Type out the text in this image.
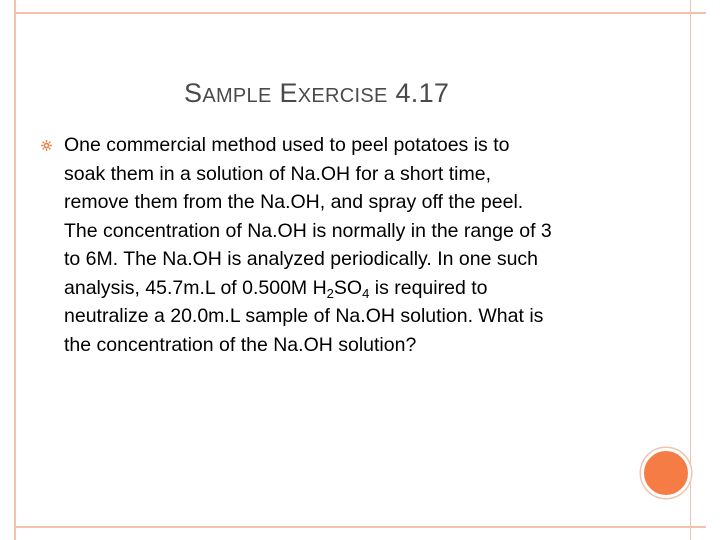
SAMPLE EXERCISE 4.17
One commercial method used to peel potatoes is to
soak them in a solution of Na.OH for a short time,
remove them from the Na.OH, and spray off the peel.
The concentration of Na.OH is normally in the range of 3
to 6M. The Na.OH is analyzed periodically. In one such
analysis, 45.7m.L of 0.500M $H_2SO_4$ is required to
neutralize a 20.0m.L sample of Na.OH solution. What is
the concentration of the Na.OH solution?
